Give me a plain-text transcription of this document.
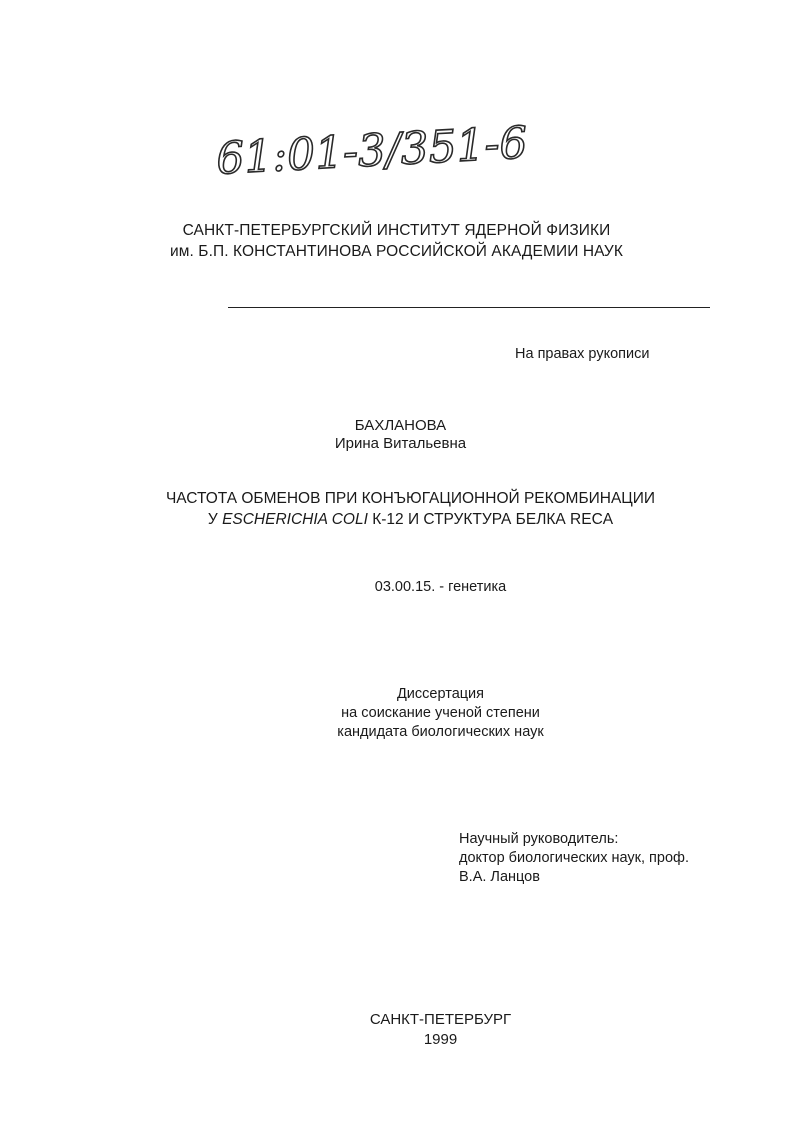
61:01-3/351-6
САНКТ-ПЕТЕРБУРГСКИЙ ИНСТИТУТ ЯДЕРНОЙ ФИЗИКИ
им. Б.П. КОНСТАНТИНОВА РОССИЙСКОЙ АКАДЕМИИ НАУК
На правах рукописи
БАХЛАНОВА
Ирина Витальевна
ЧАСТОТА ОБМЕНОВ ПРИ КОНЪЮГАЦИОННОЙ РЕКОМБИНАЦИИ
У ESCHERICHIA COLI К-12 И СТРУКТУРА БЕЛКА RECA
03.00.15. - генетика
Диссертация
на соискание ученой степени
кандидата биологических наук
Научный руководитель:
доктор биологических наук, проф.
В.А. Ланцов
САНКТ-ПЕТЕРБУРГ
1999
